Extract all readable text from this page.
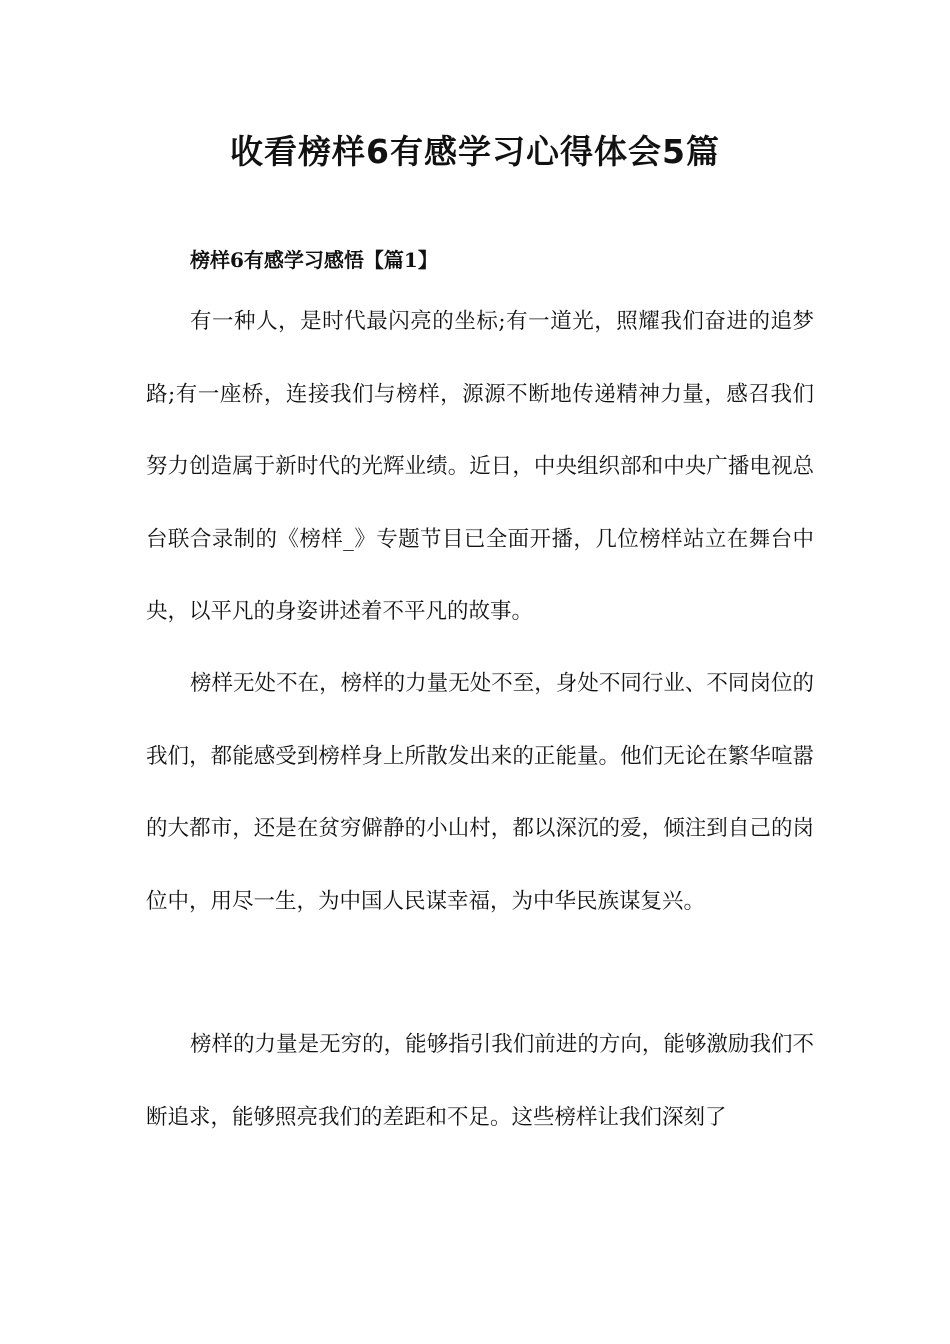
收看榜样6有感学习心得体会5篇
榜样6有感学习感悟【篇1】

有一种人，是时代最闪亮的坐标;有一道光，照耀我们奋进的追梦路;有一座桥，连接我们与榜样，源源不断地传递精神力量，感召我们努力创造属于新时代的光辉业绩。近日，中央组织部和中央广播电视总台联合录制的《榜样_》专题节目已全面开播，几位榜样站立在舞台中央，以平凡的身姿讲述着不平凡的故事。

榜样无处不在，榜样的力量无处不至，身处不同行业、不同岗位的我们，都能感受到榜样身上所散发出来的正能量。他们无论在繁华喧嚣的大都市，还是在贫穷僻静的小山村，都以深沉的爱，倾注到自己的岗位中，用尽一生，为中国人民谋幸福，为中华民族谋复兴。

榜样的力量是无穷的，能够指引我们前进的方向，能够激励我们不断追求，能够照亮我们的差距和不足。这些榜样让我们深刻了
